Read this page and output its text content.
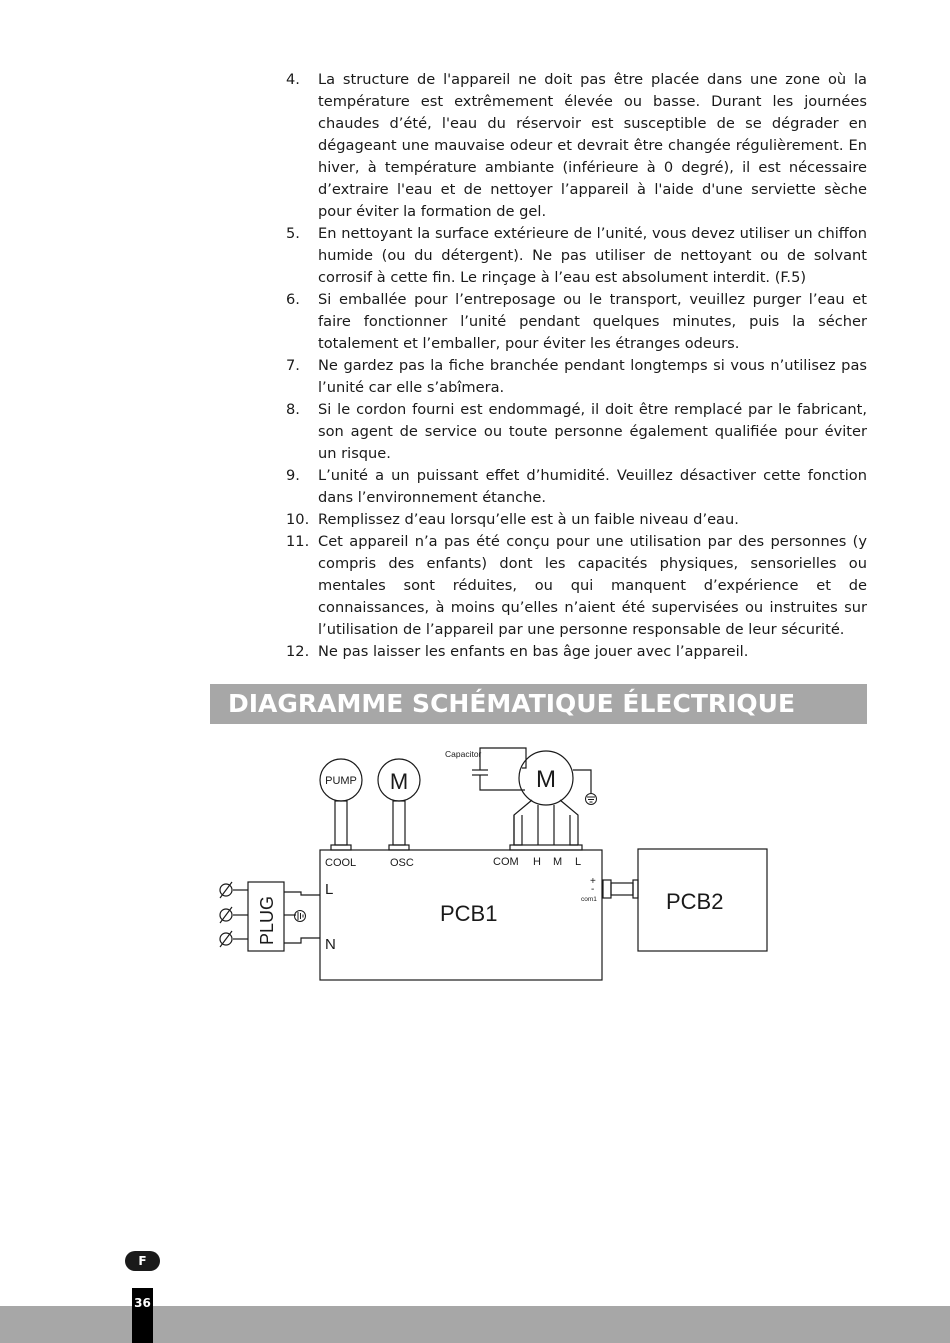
4. La structure de l'appareil ne doit pas être placée dans une zone où la température est extrêmement élevée ou basse. Durant les journées chaudes d’été, l'eau du réservoir est susceptible de se dégrader en dégageant une mauvaise odeur et devrait être changée régulièrement. En hiver, à température ambiante (inférieure à 0 degré), il est nécessaire d’extraire l'eau et de nettoyer l’appareil à l'aide d'une serviette sèche pour éviter la formation de gel.
5. En nettoyant la surface extérieure de l’unité, vous devez utiliser un chiffon humide (ou du détergent). Ne pas utiliser de nettoyant ou de solvant corrosif à cette fin. Le rinçage à l’eau est absolument interdit. (F.5)
6. Si emballée pour l’entreposage ou le transport, veuillez purger l’eau et faire fonctionner l’unité pendant quelques minutes, puis la sécher totalement et l’emballer, pour éviter les étranges odeurs.
7. Ne gardez pas la fiche branchée pendant longtemps si vous n’utilisez pas l’unité car elle s’abîmera.
8. Si le cordon fourni est endommagé, il doit être remplacé par le fabricant, son agent de service ou toute personne également qualifiée pour éviter un risque.
9. L’unité a un puissant effet d’humidité. Veuillez désactiver cette fonction dans l’environnement étanche.
10. Remplissez d’eau lorsqu’elle est à un faible niveau d’eau.
11. Cet appareil n’a pas été conçu pour une utilisation par des personnes (y compris des enfants) dont les capacités physiques, sensorielles ou mentales sont réduites, ou qui manquent d’expérience et de connaissances, à moins qu’elles n’aient été supervisées ou instruites sur l’utilisation de l’appareil par une personne responsable de leur sécurité.
12. Ne pas laisser les enfants en bas âge jouer avec l’appareil.
DIAGRAMME SCHÉMATIQUE ÉLECTRIQUE
Capacitor
PUMP M	M
COOL	OSC	COM H M L
PLUG
L
N
PCB1	PCB2
+
-
com1
F
36
